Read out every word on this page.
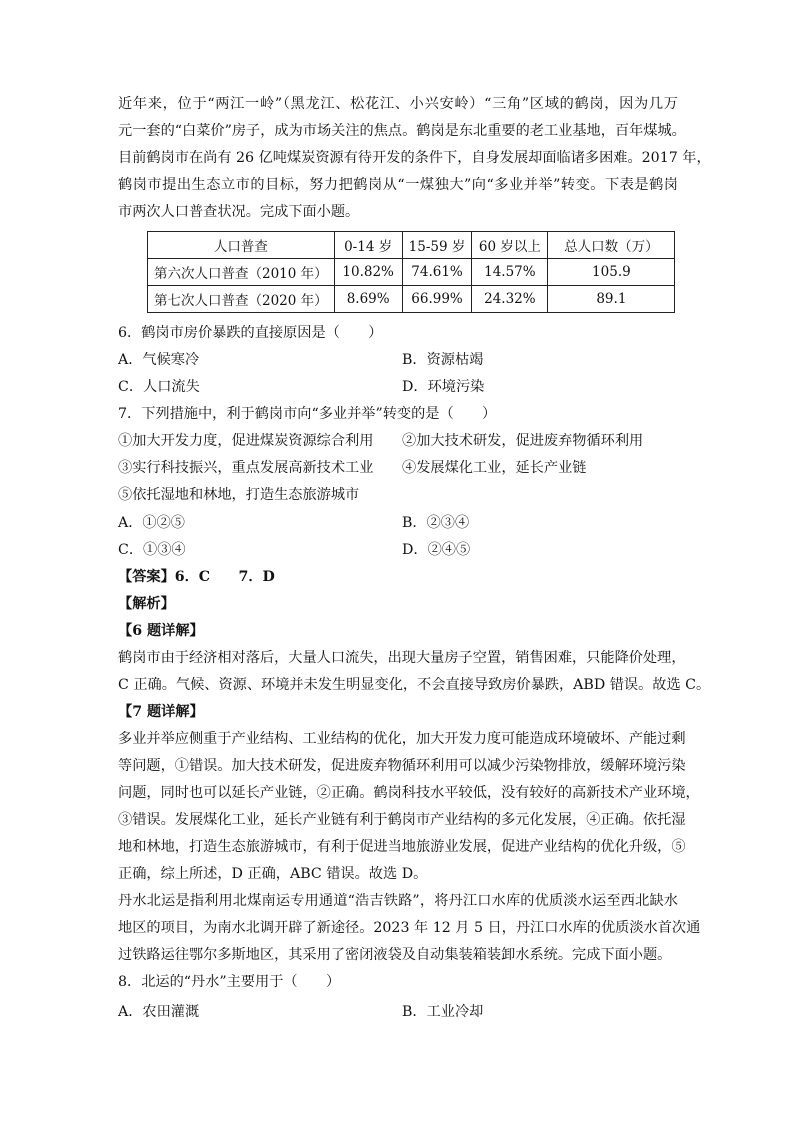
近年来，位于“两江一岭”（黑龙江、松花江、小兴安岭）“三角”区域的鹤岗，因为几万
元一套的“白菜价”房子，成为市场关注的焦点。鹤岗是东北重要的老工业基地，百年煤城。
目前鹤岗市在尚有 26 亿吨煤炭资源有待开发的条件下，自身发展却面临诸多困难。2017 年，
鹤岗市提出生态立市的目标，努力把鹤岗从“一煤独大”向“多业并举”转变。下表是鹤岗
市两次人口普查状况。完成下面小题。
人口普查	0-14 岁	15-59 岁	60 岁以上	总人口数（万）
第六次人口普查（2010 年）	10.82%	74.61%	14.57%	105.9
第七次人口普查（2020 年）	8.69%	66.99%	24.32%	89.1
6．鹤岗市房价暴跌的直接原因是（　　）
A．气候寒冷	B．资源枯竭
C．人口流失	D．环境污染
7．下列措施中，利于鹤岗市向“多业并举”转变的是（　　）
①加大开发力度，促进煤炭资源综合利用 ②加大技术研发，促进废弃物循环利用
③实行科技振兴，重点发展高新技术工业 ④发展煤化工业，延长产业链
⑤依托湿地和林地，打造生态旅游城市
A．①②⑤	B．②③④
C．①③④	D．②④⑤
【答案】6．C　　7．D
【解析】
【6 题详解】
鹤岗市由于经济相对落后，大量人口流失，出现大量房子空置，销售困难，只能降价处理，
C 正确。气候、资源、环境并未发生明显变化，不会直接导致房价暴跌，ABD 错误。故选 C。
【7 题详解】
多业并举应侧重于产业结构、工业结构的优化，加大开发力度可能造成环境破坏、产能过剩
等问题，①错误。加大技术研发，促进废弃物循环利用可以减少污染物排放，缓解环境污染
问题，同时也可以延长产业链，②正确。鹤岗科技水平较低，没有较好的高新技术产业环境，
③错误。发展煤化工业，延长产业链有利于鹤岗市产业结构的多元化发展，④正确。依托湿
地和林地，打造生态旅游城市，有利于促进当地旅游业发展，促进产业结构的优化升级，⑤
正确，综上所述，D 正确，ABC 错误。故选 D。
丹水北运是指利用北煤南运专用通道“浩吉铁路”，将丹江口水库的优质淡水运至西北缺水
地区的项目，为南水北调开辟了新途径。2023 年 12 月 5 日，丹江口水库的优质淡水首次通
过铁路运往鄂尔多斯地区，其采用了密闭液袋及自动集装箱装卸水系统。完成下面小题。
8．北运的“丹水”主要用于（　　）
A．农田灌溉	B．工业冷却
